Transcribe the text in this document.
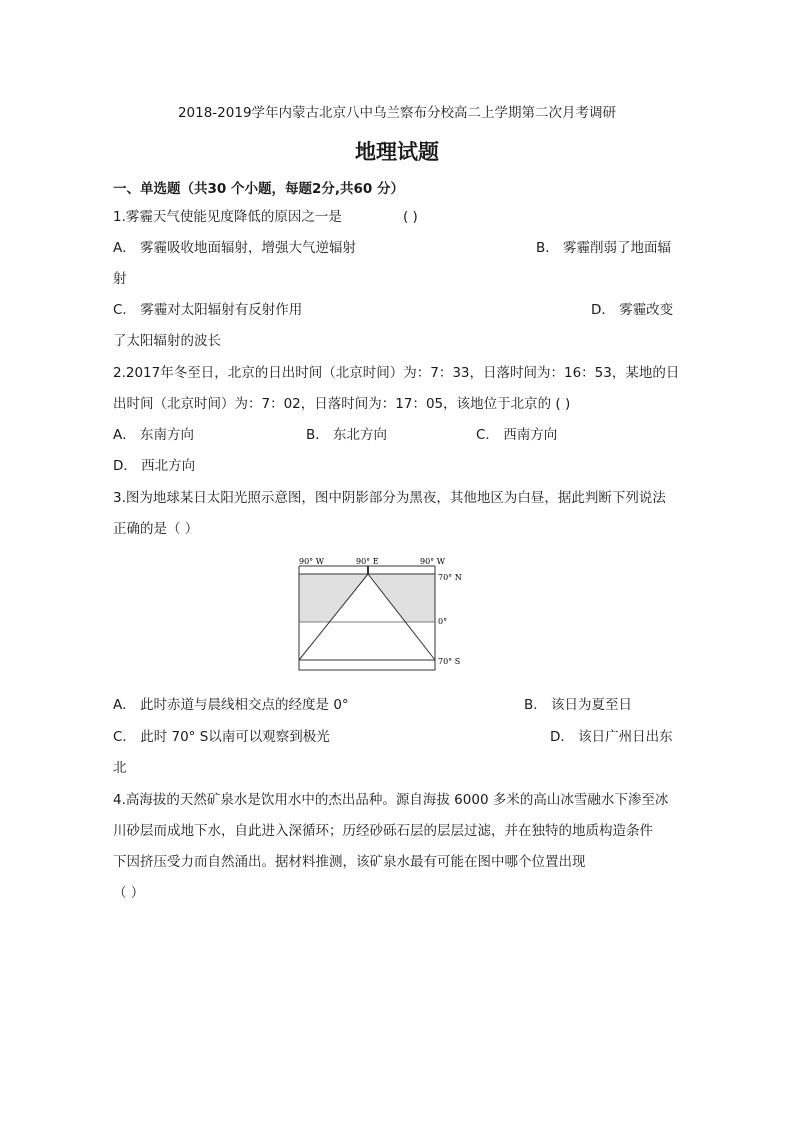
2018-2019学年内蒙古北京八中乌兰察布分校高二上学期第二次月考调研
地理试题
一、单选题（共30 个小题，每题2分,共60 分）
1.雾霾天气使能见度降低的原因之一是	( )
A． 雾霾吸收地面辐射，增强大气逆辐射	B． 雾霾削弱了地面辐
射
C． 雾霾对太阳辐射有反射作用	D． 雾霾改变
了太阳辐射的波长
2.2017年冬至日，北京的日出时间（北京时间）为：7：33，日落时间为：16：53，某地的日
出时间（北京时间）为：7：02，日落时间为：17：05，该地位于北京的 ( )
A． 东南方向	B． 东北方向	C． 西南方向
D． 西北方向
3.图为地球某日太阳光照示意图，图中阴影部分为黑夜，其他地区为白昼，据此判断下列说法
正确的是（ ）
90° W	90° E	90° W
70° N
0°
70° S
A． 此时赤道与晨线相交点的经度是 0°	B． 该日为夏至日
C． 此时 70° S以南可以观察到极光	D． 该日广州日出东
北
4.高海拔的天然矿泉水是饮用水中的杰出品种。源自海拔 6000 多米的高山冰雪融水下渗至冰
川砂层而成地下水，自此进入深循环；历经砂砾石层的层层过滤，并在独特的地质构造条件
下因挤压受力而自然涌出。据材料推测，该矿泉水最有可能在图中哪个位置出现
（ ）
